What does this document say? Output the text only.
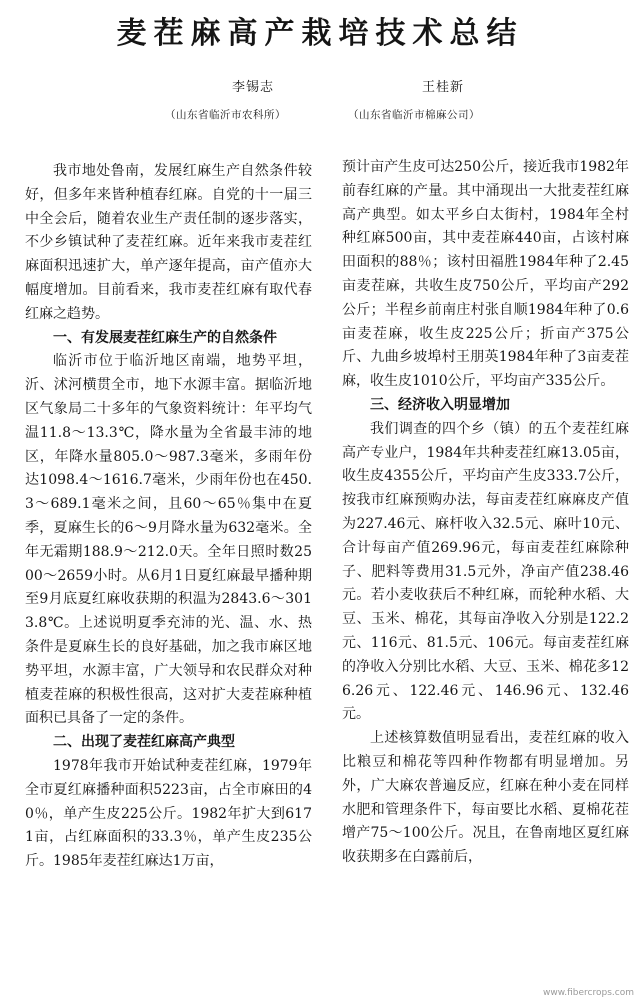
麦茬麻高产栽培技术总结
李锡志	王桂新
（山东省临沂市农科所）	（山东省临沂市棉麻公司）

我市地处鲁南，发展红麻生产自然条件较好，但多年来皆种植春红麻。自党的十一届三中全会后，随着农业生产责任制的逐步落实，不少乡镇试种了麦茬红麻。近年来我市麦茬红麻面积迅速扩大，单产逐年提高，亩产值亦大幅度增加。目前看来，我市麦茬红麻有取代春红麻之趋势。

一、有发展麦茬红麻生产的自然条件

临沂市位于临沂地区南端，地势平坦，沂、沭河横贯全市，地下水源丰富。据临沂地区气象局二十多年的气象资料统计：年平均气温11.8～13.3℃，降水量为全省最丰沛的地区，年降水量805.0～987.3毫米，多雨年份达1098.4～1616.7毫米，少雨年份也在450.3～689.1毫米之间，且60～65％集中在夏季，夏麻生长的6～9月降水量为632毫米。全年无霜期188.9～212.0天。全年日照时数2500～2659小时。从6月1日夏红麻最早播种期至9月底夏红麻收获期的积温为2843.6～3013.8℃。上述说明夏季充沛的光、温、水、热条件是夏麻生长的良好基础，加之我市麻区地势平坦，水源丰富，广大领导和农民群众对种植麦茬麻的积极性很高，这对扩大麦茬麻种植面积已具备了一定的条件。

二、出现了麦茬红麻高产典型

1978年我市开始试种麦茬红麻，1979年全市夏红麻播种面积5223亩，占全市麻田的40％，单产生皮225公斤。1982年扩大到6171亩，占红麻面积的33.3％，单产生皮235公斤。1985年麦茬红麻达1万亩，

预计亩产生皮可达250公斤，接近我市1982年前春红麻的产量。其中涌现出一大批麦茬红麻高产典型。如太平乡白太街村，1984年全村种红麻500亩，其中麦茬麻440亩，占该村麻田面积的88％；该村田福胜1984年种了2.45亩麦茬麻，共收生皮750公斤，平均亩产292公斤；半程乡前南庄村张自顺1984年种了0.6亩麦茬麻，收生皮225公斤；折亩产375公斤、九曲乡坡埠村王朋英1984年种了3亩麦茬麻，收生皮1010公斤，平均亩产335公斤。

三、经济收入明显增加

我们调查的四个乡（镇）的五个麦茬红麻高产专业户，1984年共种麦茬红麻13.05亩，收生皮4355公斤，平均亩产生皮333.7公斤，按我市红麻预购办法，每亩麦茬红麻麻皮产值为227.46元、麻杆收入32.5元、麻叶10元、合计每亩产值269.96元，每亩麦茬红麻除种子、肥料等费用31.5元外，净亩产值238.46元。若小麦收获后不种红麻，而轮种水稻、大豆、玉米、棉花，其每亩净收入分别是122.2元、116元、81.5元、106元。每亩麦茬红麻的净收入分别比水稻、大豆、玉米、棉花多126.26元、122.46元、146.96元、132.46元。

上述核算数值明显看出，麦茬红麻的收入比粮豆和棉花等四种作物都有明显增加。另外，广大麻农普遍反应，红麻在种小麦在同样水肥和管理条件下，每亩要比水稻、夏棉花茬增产75～100公斤。况且，在鲁南地区夏红麻收获期多在白露前后，

www.fibercrops.com
